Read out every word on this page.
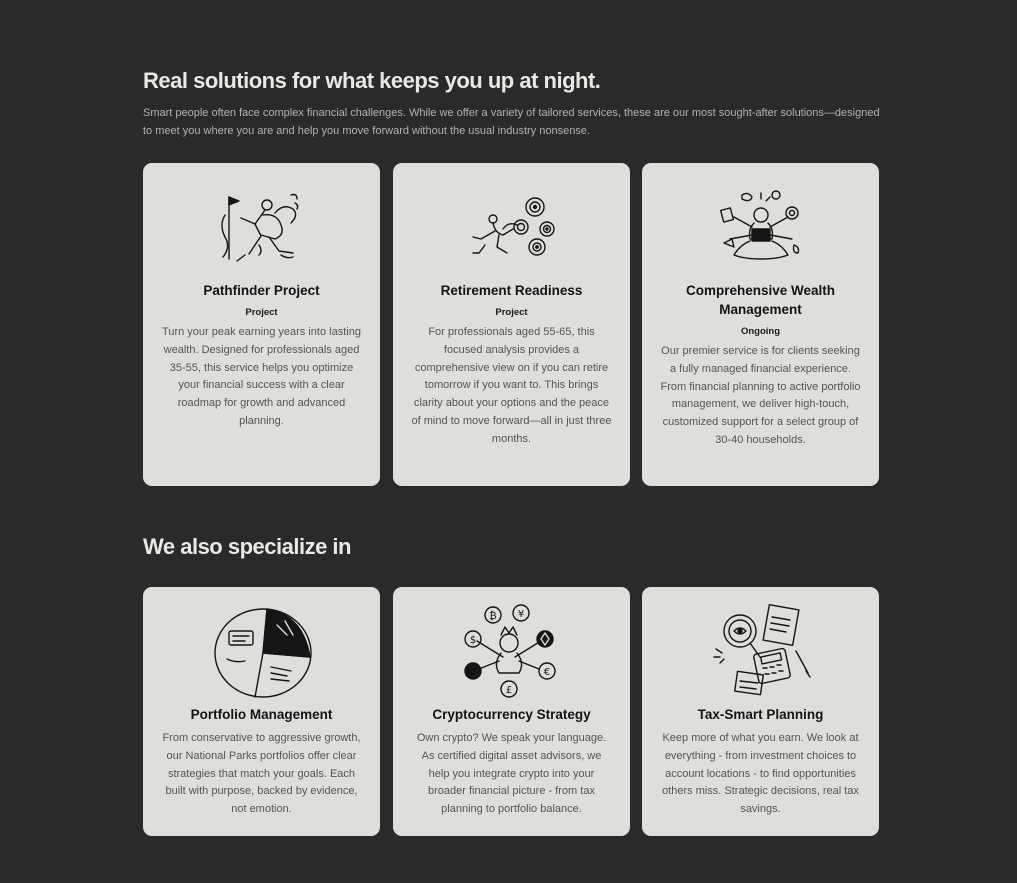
Real solutions for what keeps you up at night.

Smart people often face complex financial challenges. While we offer a variety of tailored services, these are our most sought-after solutions—designed to meet you where you are and help you move forward without the usual industry nonsense.

Pathfinder Project
Project

Turn your peak earning years into lasting wealth. Designed for professionals aged 35-55, this service helps you optimize your financial success with a clear roadmap for growth and advanced planning.

Retirement Readiness
Project

For professionals aged 55-65, this focused analysis provides a comprehensive view on if you can retire tomorrow if you want to. This brings clarity about your options and the peace of mind to move forward—all in just three months.

Comprehensive Wealth Management
Ongoing

Our premier service is for clients seeking a fully managed financial experience. From financial planning to active portfolio management, we deliver high-touch, customized support for a select group of 30-40 households.

We also specialize in
Portfolio Management

From conservative to aggressive growth, our National Parks portfolios offer clear strategies that match your goals. Each built with purpose, backed by evidence, not emotion.

₿ ¥
$
€
£
Cryptocurrency Strategy

Own crypto? We speak your language. As certified digital asset advisors, we help you integrate crypto into your broader financial picture - from tax planning to portfolio balance.

Tax-Smart Planning

Keep more of what you earn. We look at everything - from investment choices to account locations - to find opportunities others miss. Strategic decisions, real tax savings.
